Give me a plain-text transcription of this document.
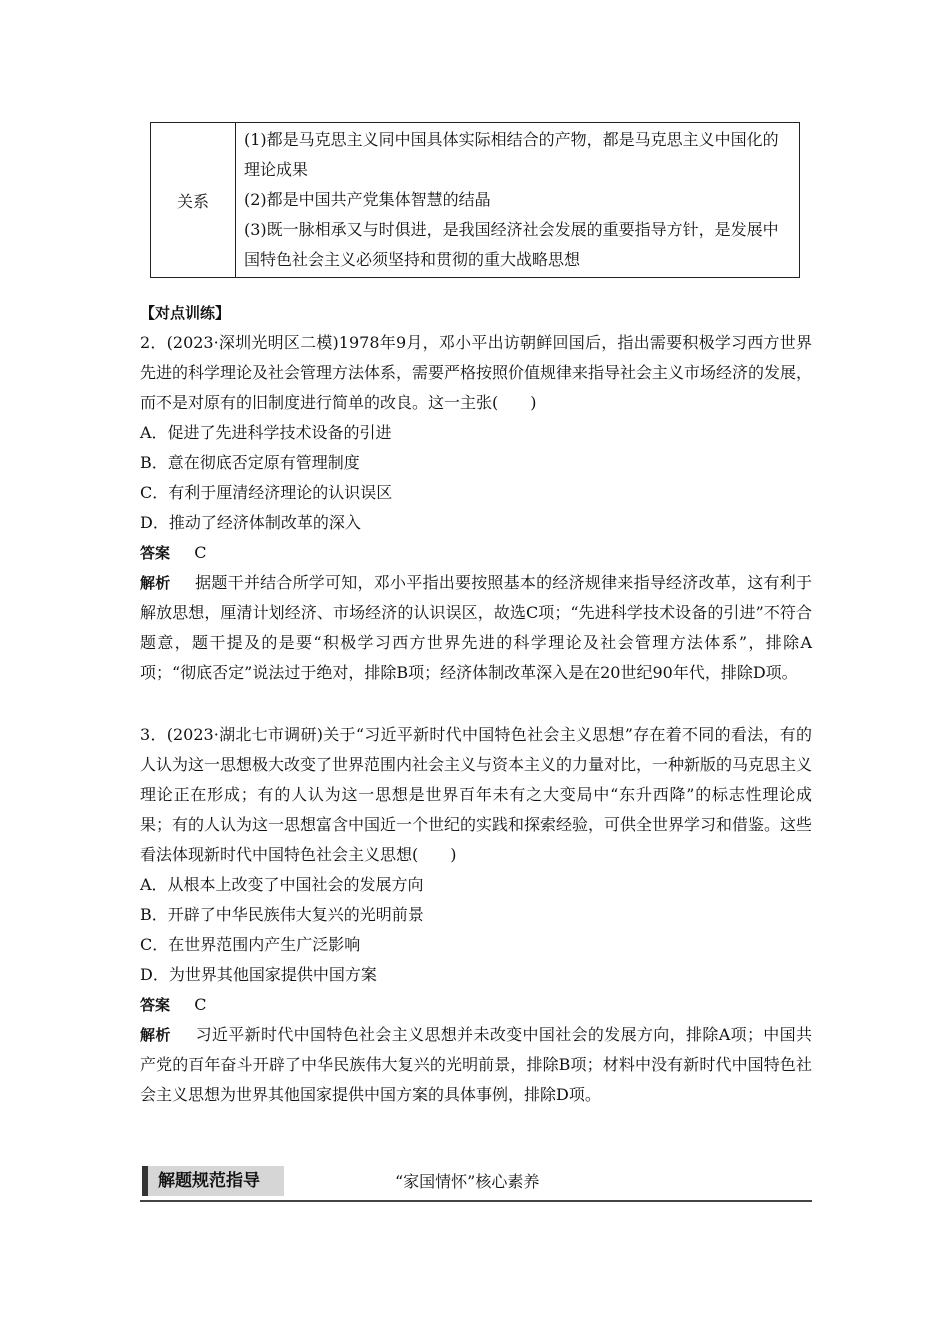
关系	
(1)都是马克思主义同中国具体实际相结合的产物，都是马克思主义中国化的理论成果
(2)都是中国共产党集体智慧的结晶
(3)既一脉相承又与时俱进，是我国经济社会发展的重要指导方针，是发展中国特色社会主义必须坚持和贯彻的重大战略思想
【对点训练】

2．(2023·深圳光明区二模)1978年9月，邓小平出访朝鲜回国后，指出需要积极学习西方世界先进的科学理论及社会管理方法体系，需要严格按照价值规律来指导社会主义市场经济的发展，而不是对原有的旧制度进行简单的改良。这一主张(　　)

A．促进了先进科学技术设备的引进

B．意在彻底否定原有管理制度

C．有利于厘清经济理论的认识误区

D．推动了经济体制改革的深入

答案 C

解析 据题干并结合所学可知，邓小平指出要按照基本的经济规律来指导经济改革，这有利于解放思想，厘清计划经济、市场经济的认识误区，故选C项；“先进科学技术设备的引进”不符合题意，题干提及的是要“积极学习西方世界先进的科学理论及社会管理方法体系”，排除A项；“彻底否定”说法过于绝对，排除B项；经济体制改革深入是在20世纪90年代，排除D项。

3．(2023·湖北七市调研)关于“习近平新时代中国特色社会主义思想”存在着不同的看法，有的人认为这一思想极大改变了世界范围内社会主义与资本主义的力量对比，一种新版的马克思主义理论正在形成；有的人认为这一思想是世界百年未有之大变局中“东升西降”的标志性理论成果；有的人认为这一思想富含中国近一个世纪的实践和探索经验，可供全世界学习和借鉴。这些看法体现新时代中国特色社会主义思想(　　)

A．从根本上改变了中国社会的发展方向

B．开辟了中华民族伟大复兴的光明前景

C．在世界范围内产生广泛影响

D．为世界其他国家提供中国方案

答案 C

解析 习近平新时代中国特色社会主义思想并未改变中国社会的发展方向，排除A项；中国共产党的百年奋斗开辟了中华民族伟大复兴的光明前景，排除B项；材料中没有新时代中国特色社会主义思想为世界其他国家提供中国方案的具体事例，排除D项。

解题规范指导	“家国情怀”核心素养
